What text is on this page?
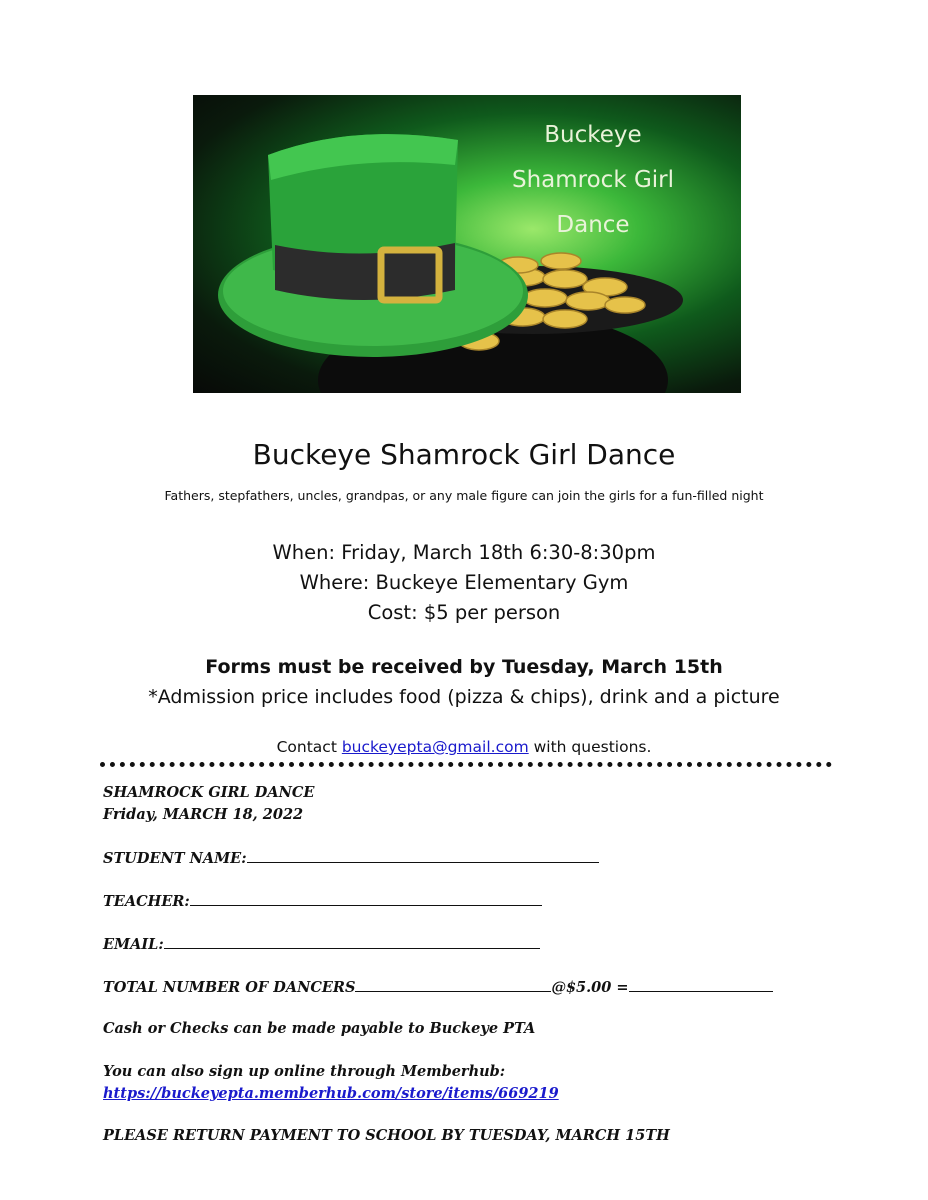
Buckeye
Shamrock Girl
Dance
Buckeye Shamrock Girl Dance
Fathers, stepfathers, uncles, grandpas, or any male figure can join the girls for a fun-filled night
When: Friday, March 18th 6:30-8:30pm
Where: Buckeye Elementary Gym
Cost: $5 per person
Forms must be received by Tuesday, March 15th
*Admission price includes food (pizza & chips), drink and a picture
Contact buckeyepta@gmail.com with questions.
SHAMROCK GIRL DANCE
Friday, MARCH 18, 2022
STUDENT NAME:
TEACHER:
EMAIL:
TOTAL NUMBER OF DANCERS	@$5.00 =
Cash or Checks can be made payable to Buckeye PTA
You can also sign up online through Memberhub:
https://buckeyepta.memberhub.com/store/items/669219
PLEASE RETURN PAYMENT TO SCHOOL BY TUESDAY, MARCH 15TH
